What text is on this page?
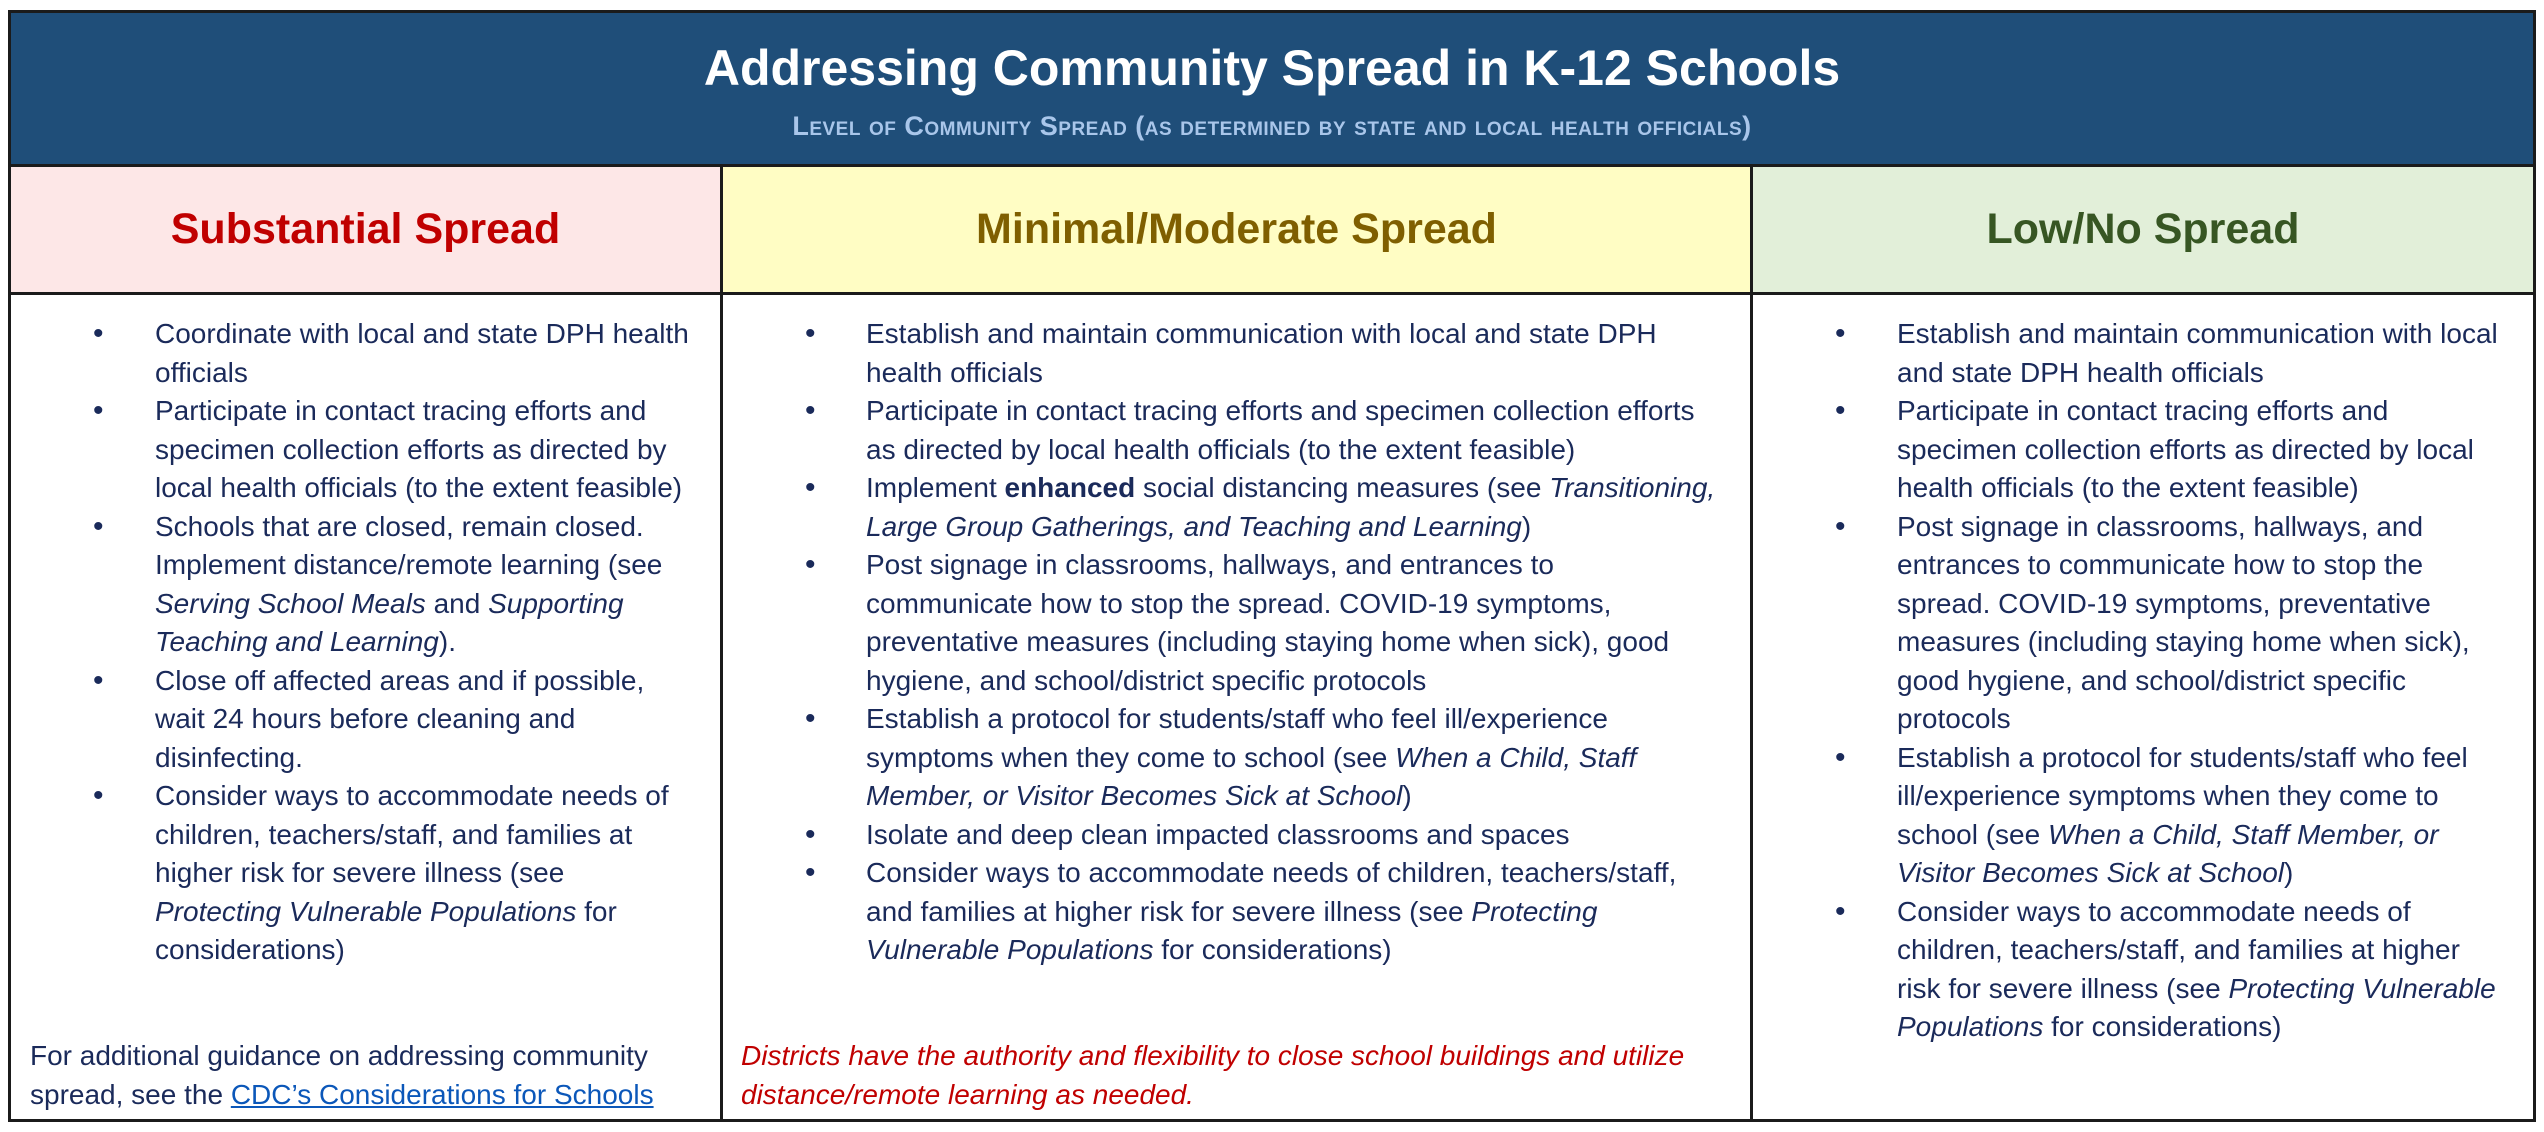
Addressing Community Spread in K-12 Schools
Level of Community Spread (as determined by state and local health officials)
Substantial Spread
• Coordinate with local and state DPH health officials
• Participate in contact tracing efforts and specimen collection efforts as directed by local health officials (to the extent feasible)
• Schools that are closed, remain closed. Implement distance/remote learning (see Serving School Meals and Supporting Teaching and Learning).
• Close off affected areas and if possible, wait 24 hours before cleaning and disinfecting.
• Consider ways to accommodate needs of children, teachers/staff, and families at higher risk for severe illness (see Protecting Vulnerable Populations for considerations)
For additional guidance on addressing community spread, see the CDC’s Considerations for Schools
Minimal/Moderate Spread
• Establish and maintain communication with local and state DPH health officials
• Participate in contact tracing efforts and specimen collection efforts as directed by local health officials (to the extent feasible)
• Implement enhanced social distancing measures (see Transitioning, Large Group Gatherings, and Teaching and Learning)
• Post signage in classrooms, hallways, and entrances to communicate how to stop the spread. COVID-19 symptoms, preventative measures (including staying home when sick), good hygiene, and school/district specific protocols
• Establish a protocol for students/staff who feel ill/experience symptoms when they come to school (see When a Child, Staff Member, or Visitor Becomes Sick at School)
• Isolate and deep clean impacted classrooms and spaces
• Consider ways to accommodate needs of children, teachers/staff, and families at higher risk for severe illness (see Protecting Vulnerable Populations for considerations)
Districts have the authority and flexibility to close school buildings and utilize distance/remote learning as needed.
Low/No Spread
• Establish and maintain communication with local and state DPH health officials
• Participate in contact tracing efforts and specimen collection efforts as directed by local health officials (to the extent feasible)
• Post signage in classrooms, hallways, and entrances to communicate how to stop the spread. COVID-19 symptoms, preventative measures (including staying home when sick), good hygiene, and school/district specific protocols
• Establish a protocol for students/staff who feel ill/experience symptoms when they come to school (see When a Child, Staff Member, or Visitor Becomes Sick at School)
• Consider ways to accommodate needs of children, teachers/staff, and families at higher risk for severe illness (see Protecting Vulnerable Populations for considerations)
